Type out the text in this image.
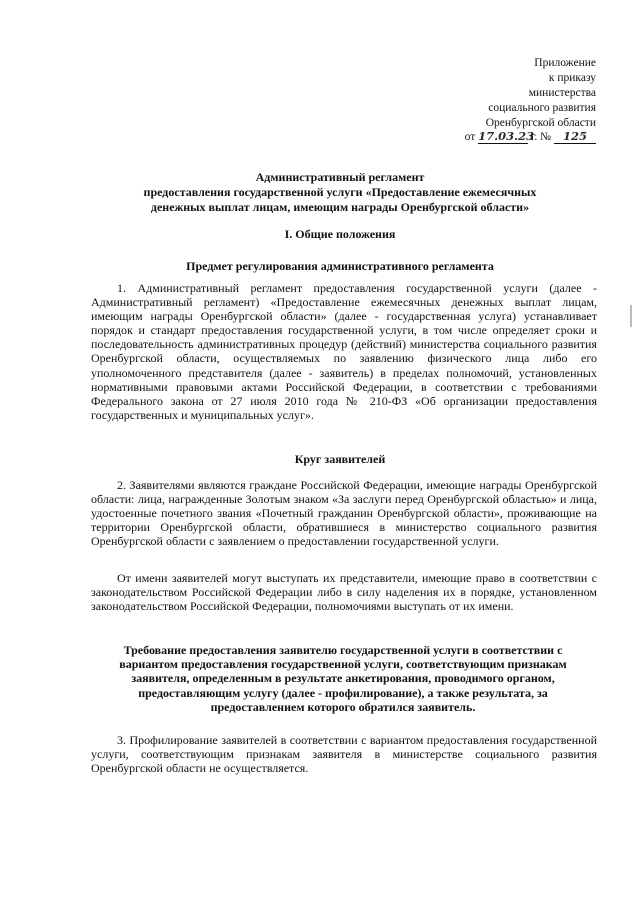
Приложение
к приказу
министерства
социального развития
Оренбургской области
от 17.03.23 г. № 125
Административный регламент
предоставления государственной услуги «Предоставление ежемесячных
денежных выплат лицам, имеющим награды Оренбургской области»
I. Общие положения
Предмет регулирования административного регламента

1. Административный регламент предоставления государственной услуги (далее - Административный регламент) «Предоставление ежемесячных денежных выплат лицам, имеющим награды Оренбургской области» (далее - государственная услуга) устанавливает порядок и стандарт предоставления государственной услуги, в том числе определяет сроки и последовательность административных процедур (действий) министерства социального развития Оренбургской области, осуществляемых по заявлению физического лица либо его уполномоченного представителя (далее - заявитель) в пределах полномочий, установленных нормативными правовыми актами Российской Федерации, в соответствии с требованиями Федерального закона от 27 июля 2010 года № 210-ФЗ «Об организации предоставления государственных и муниципальных услуг».

Круг заявителей

2. Заявителями являются граждане Российской Федерации, имеющие награды Оренбургской области: лица, награжденные Золотым знаком «За заслуги перед Оренбургской областью» и лица, удостоенные почетного звания «Почетный гражданин Оренбургской области», проживающие на территории Оренбургской области, обратившиеся в министерство социального развития Оренбургской области с заявлением о предоставлении государственной услуги.

От имени заявителей могут выступать их представители, имеющие право в соответствии с законодательством Российской Федерации либо в силу наделения их в порядке, установленном законодательством Российской Федерации, полномочиями выступать от их имени.

Требование предоставления заявителю государственной услуги в соответствии с вариантом предоставления государственной услуги, соответствующим признакам заявителя, определенным в результате анкетирования, проводимого органом, предоставляющим услугу (далее - профилирование), а также результата, за предоставлением которого обратился заявитель.

3. Профилирование заявителей в соответствии с вариантом предоставления государственной услуги, соответствующим признакам заявителя в министерстве социального развития Оренбургской области не осуществляется.
